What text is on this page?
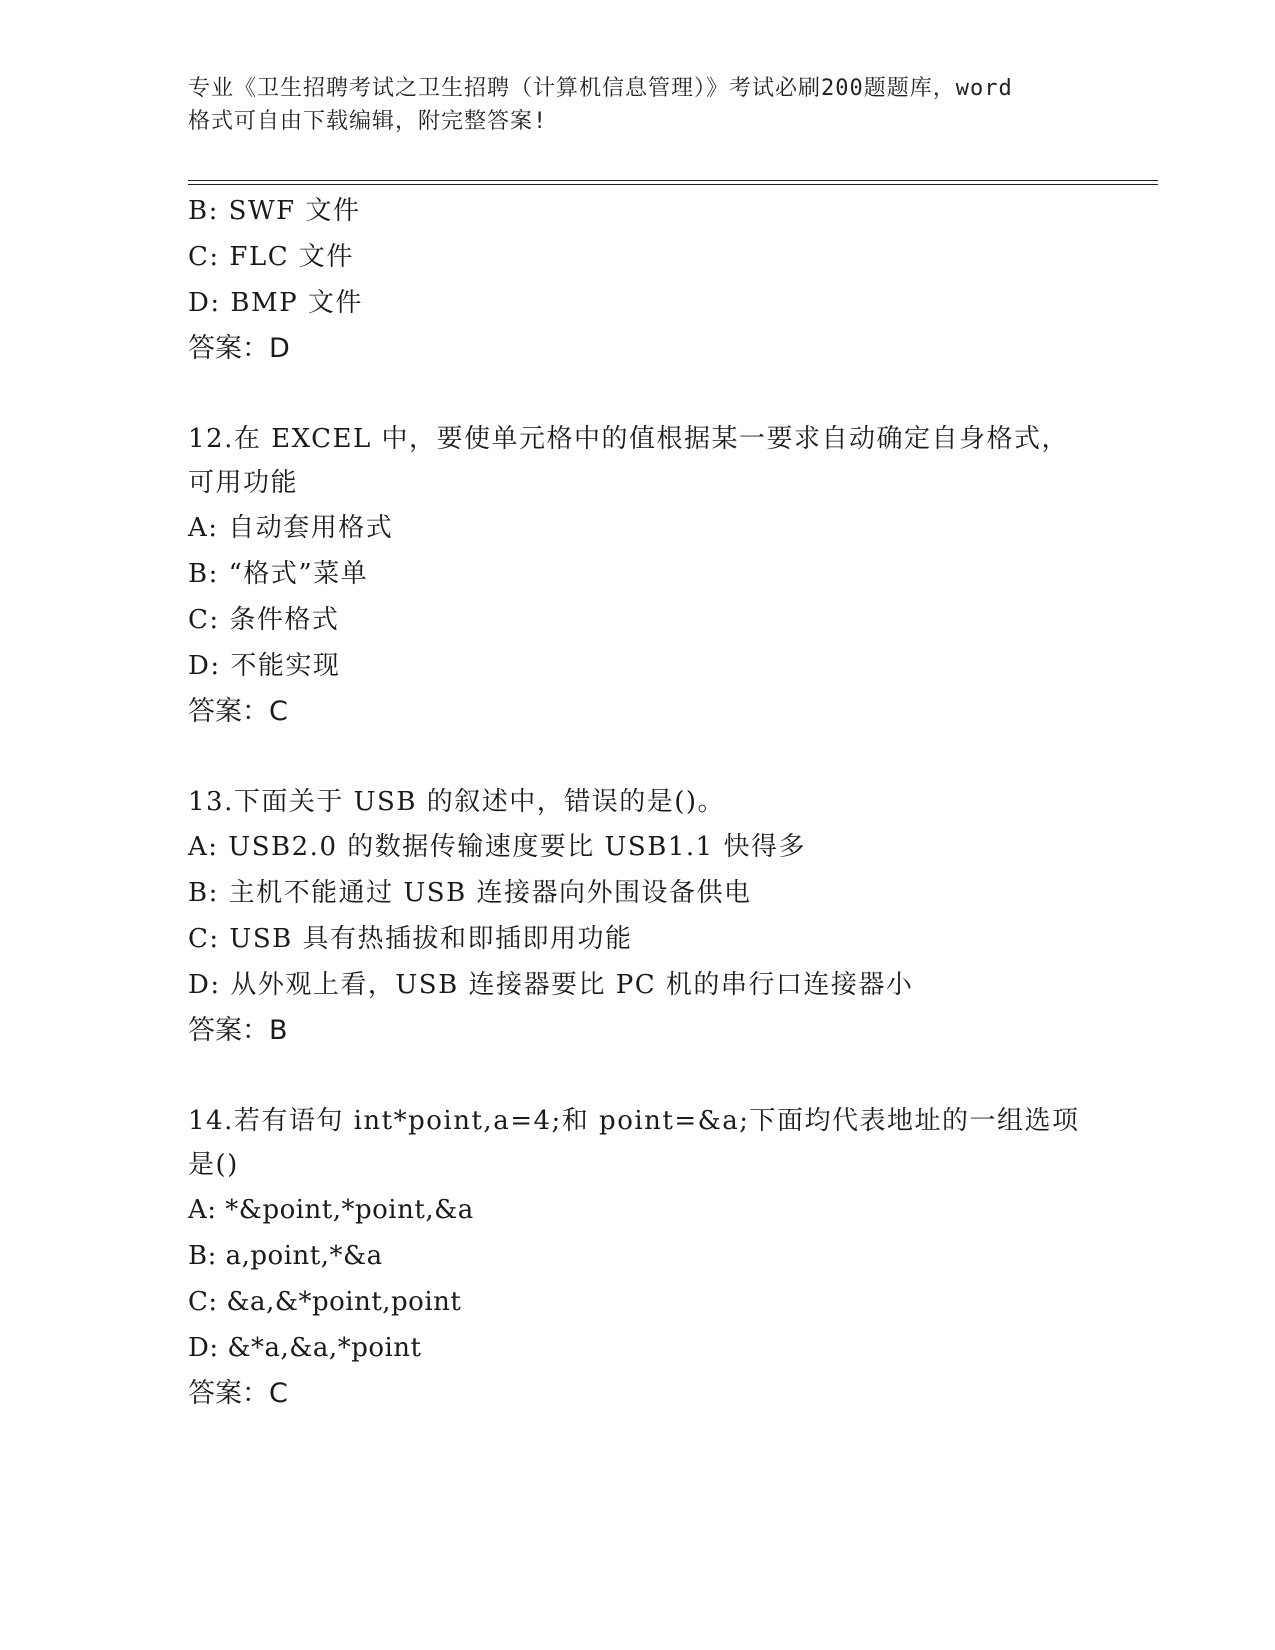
专业《卫生招聘考试之卫生招聘（计算机信息管理）》考试必刷200题题库，word
格式可自由下载编辑，附完整答案!
B: SWF 文件
C: FLC 文件
D: BMP 文件
答案：D
12.在 EXCEL 中，要使单元格中的值根据某一要求自动确定自身格式，
可用功能
A: 自动套用格式
B: “格式”菜单
C: 条件格式
D: 不能实现
答案：C
13.下面关于 USB 的叙述中，错误的是()。
A: USB2.0 的数据传输速度要比 USB1.1 快得多
B: 主机不能通过 USB 连接器向外围设备供电
C: USB 具有热插拔和即插即用功能
D: 从外观上看，USB 连接器要比 PC 机的串行口连接器小
答案：B
14.若有语句 int*point,a=4;和 point=&a;下面均代表地址的一组选项
是()
A: *&point,*point,&a
B: a,point,*&a
C: &a,&*point,point
D: &*a,&a,*point
答案：C
